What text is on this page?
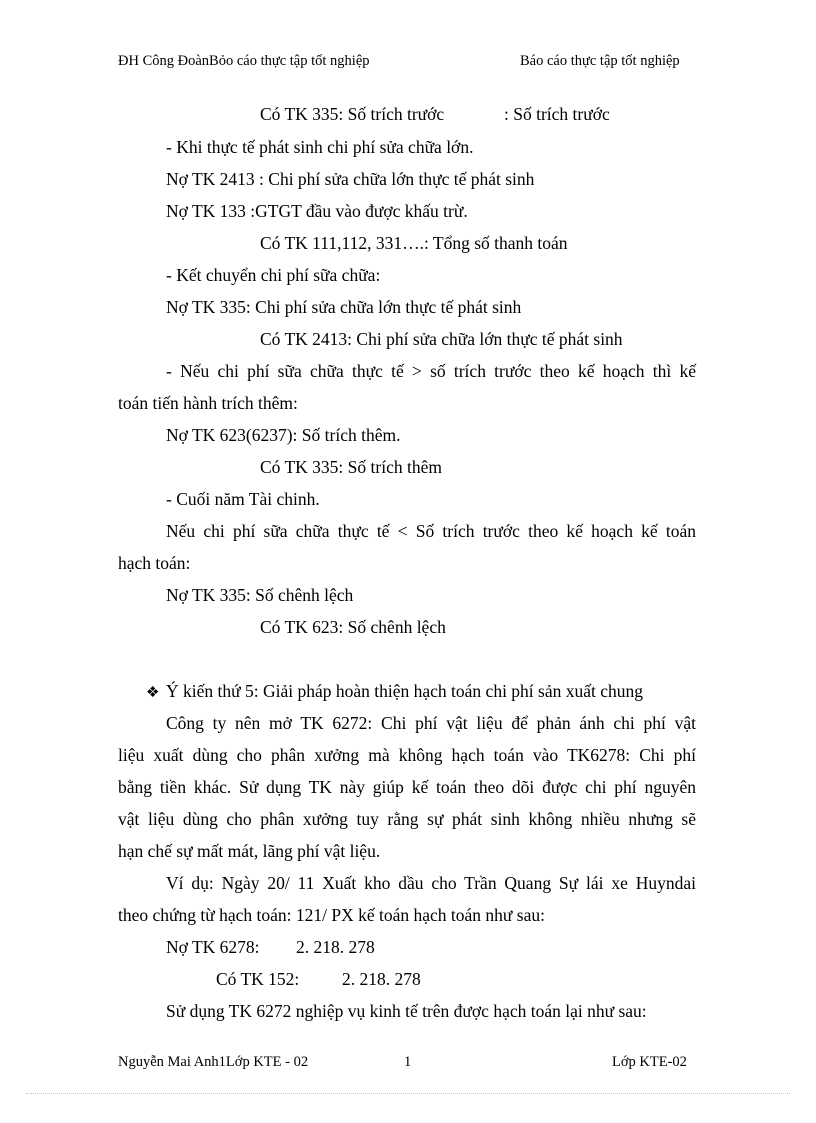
ĐH Công ĐoànBỏo cáo thực tập tốt nghiệp	Báo cáo thực tập tốt nghiệp
Có TK 335: Số trích trước	: Số trích trước
- Khi thực tế phát sinh chi phí sửa chữa lớn.
Nợ TK 2413 : Chi phí sửa chữa lớn thực tế phát sinh
Nợ TK 133 :GTGT đầu vào được khấu trừ.
Có TK 111,112, 331….: Tổng số thanh toán
- Kết chuyển chi phí sữa chữa:
Nợ TK 335: Chi phí sửa chữa lớn thực tế phát sinh
Có TK 2413: Chi phí sửa chữa lớn thực tế phát sinh
- Nếu chi phí sữa chữa thực tế > số trích trước theo kế hoạch thì kế
toán tiến hành trích thêm:
Nợ TK 623(6237): Số trích thêm.
Có TK 335: Số trích thêm
- Cuối năm Tài chinh.
Nếu chi phí sữa chữa thực tế < Số trích trước theo kế hoạch kế toán
hạch toán:
Nợ TK 335: Số chênh lệch
Có TK 623: Số chênh lệch
❖ Ý kiến thứ 5: Giải pháp hoàn thiện hạch toán chi phí sản xuất chung
Công ty nên mở TK 6272: Chi phí vật liệu để phản ánh chi phí vật
liệu xuất dùng cho phân xưởng mà không hạch toán vào TK6278: Chi phí
bằng tiền khác. Sử dụng TK này giúp kế toán theo dõi được chi phí nguyên
vật liệu dùng cho phân xưởng tuy rằng sự phát sinh không nhiều nhưng sẽ
hạn chế sự mất mát, lãng phí vật liệu.
Ví dụ: Ngày 20/ 11 Xuất kho dầu cho Trần Quang Sự lái xe Huyndai
theo chứng từ hạch toán: 121/ PX kế toán hạch toán như sau:
Nợ TK 6278: 2. 218. 278
Có TK 152: 2. 218. 278
Sử dụng TK 6272 nghiệp vụ kinh tế trên được hạch toán lại như sau:
Nguyễn Mai Anh1Lớp KTE - 02	1	Lớp KTE-02
